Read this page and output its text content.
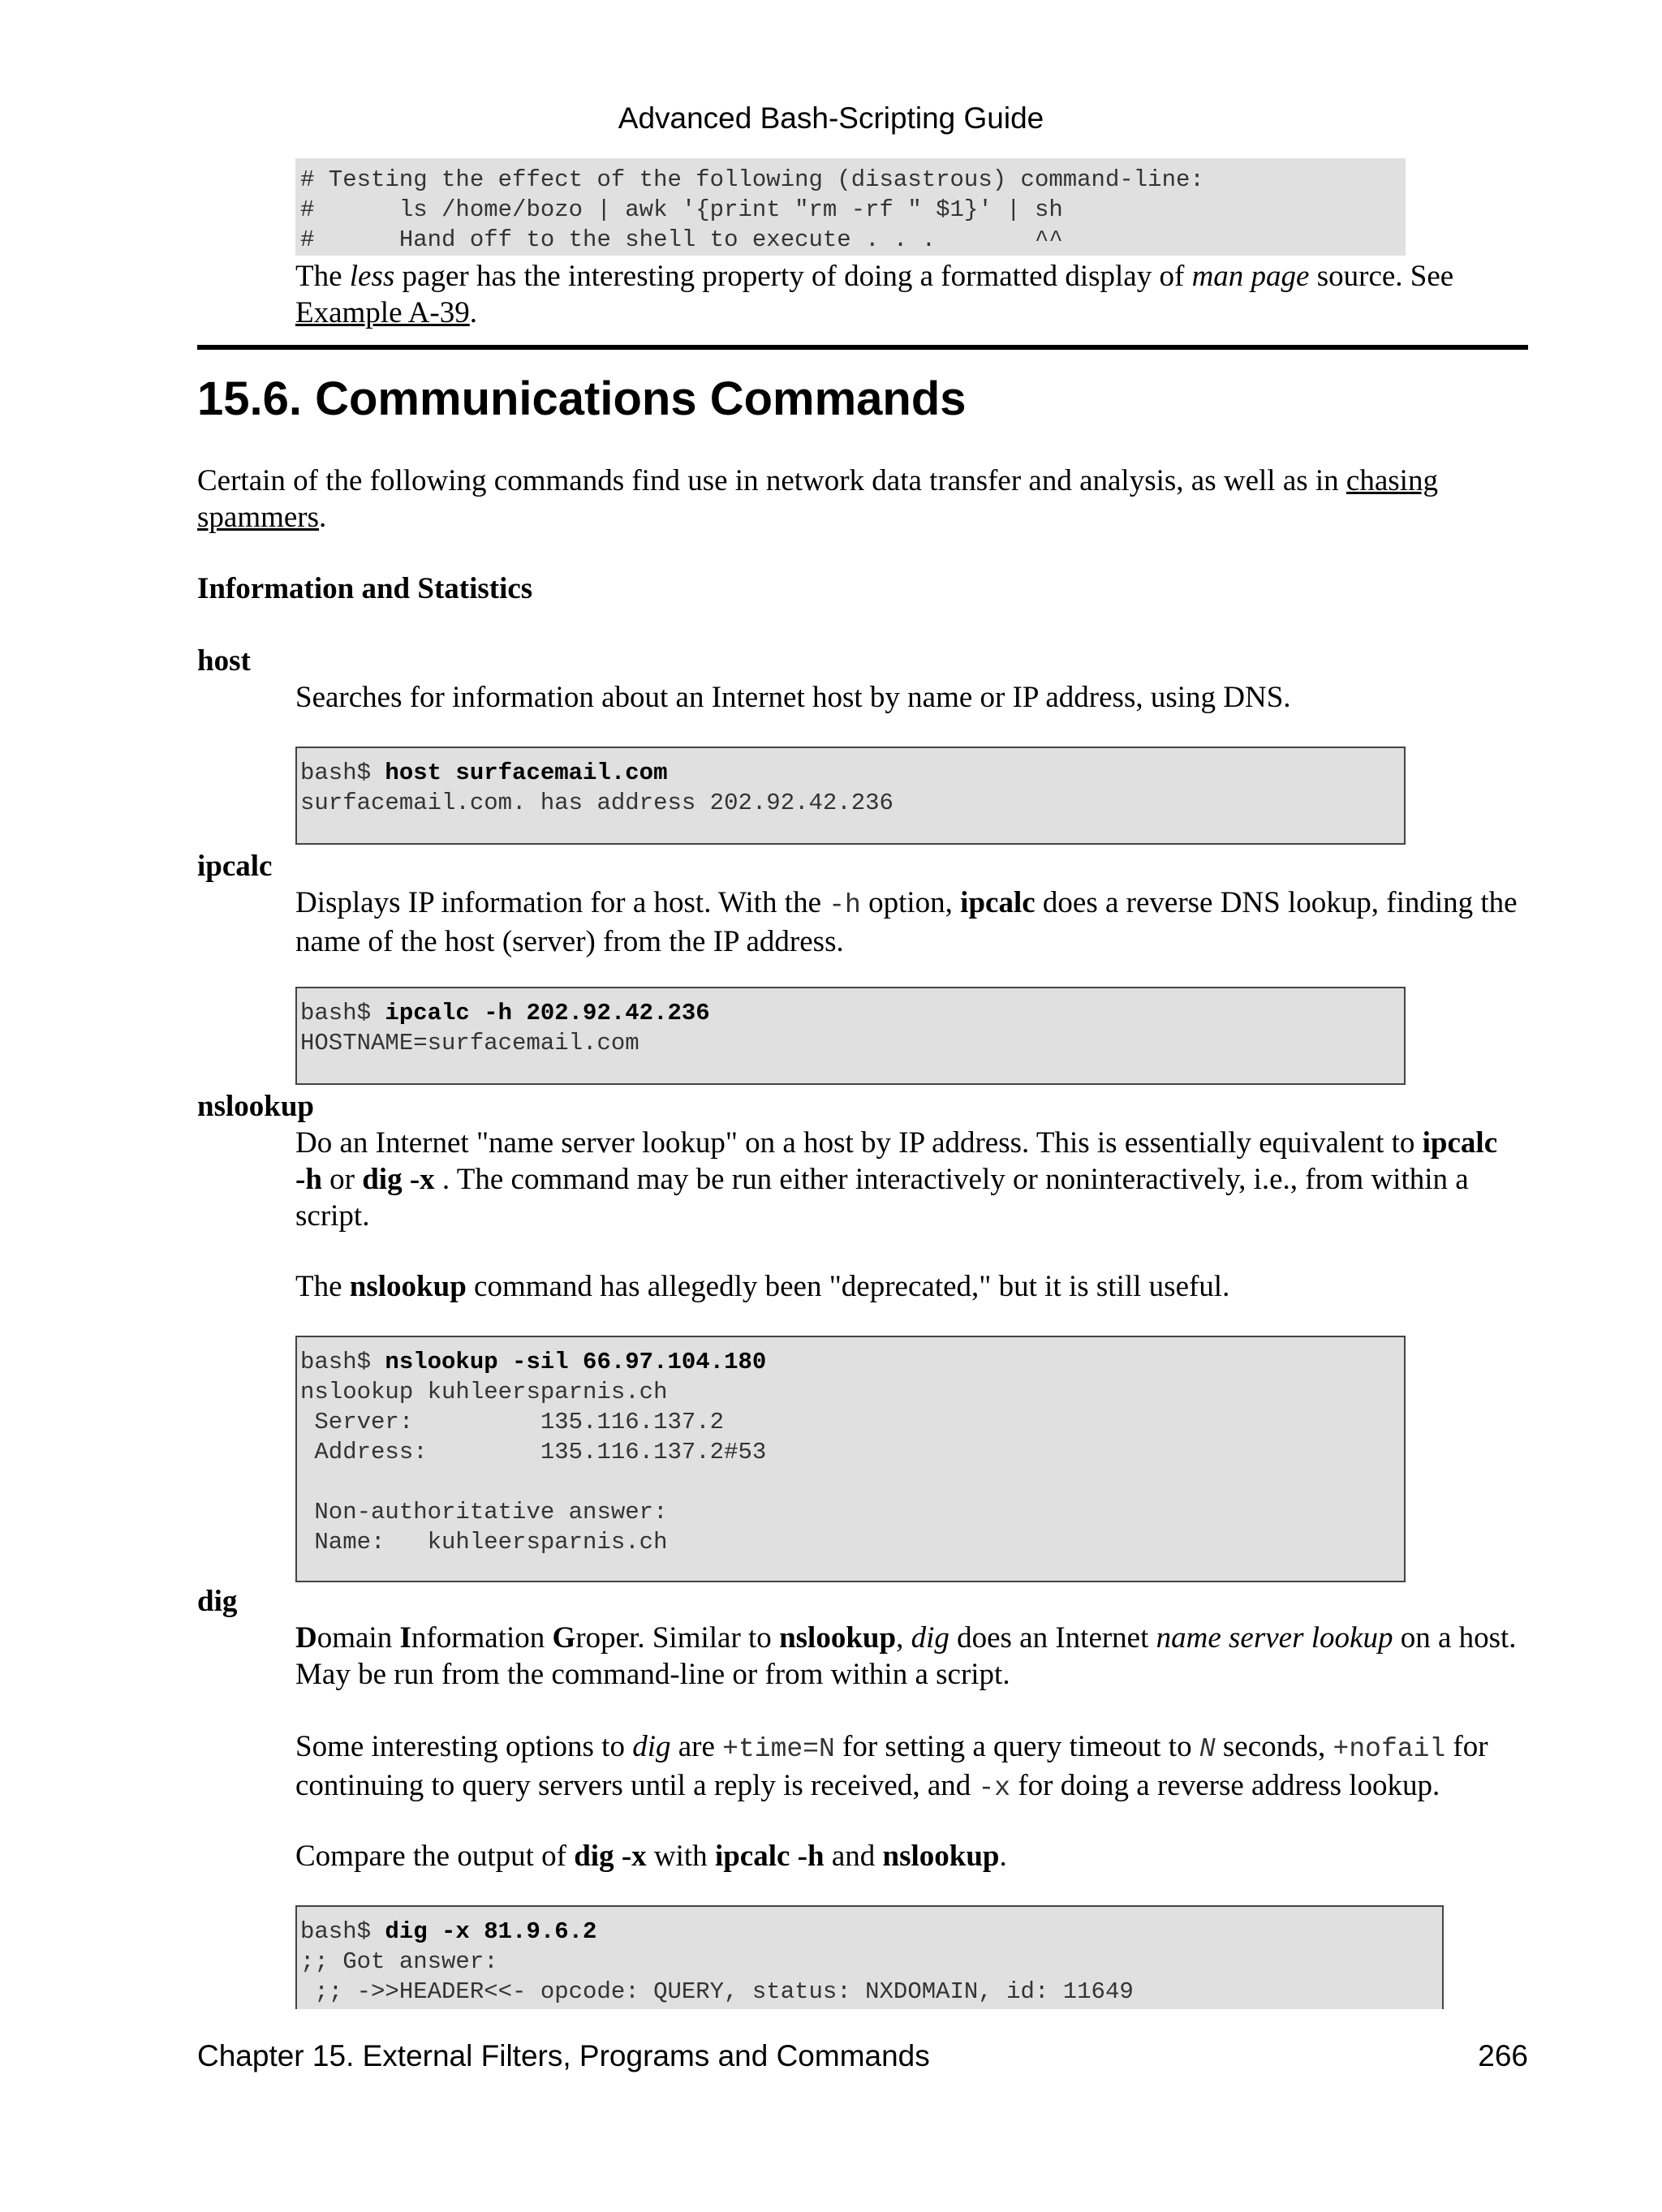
Advanced Bash-Scripting Guide
# Testing the effect of the following (disastrous) command-line:
#      ls /home/bozo | awk '{print "rm -rf " $1}' | sh
#      Hand off to the shell to execute . . .       ^^
The less pager has the interesting property of doing a formatted display of man page source. See
Example A-39.
15.6. Communications Commands
Certain of the following commands find use in network data transfer and analysis, as well as in chasing
spammers.
Information and Statistics
host
Searches for information about an Internet host by name or IP address, using DNS.
bash$ host surfacemail.com
surfacemail.com. has address 202.92.42.236
ipcalc
Displays IP information for a host. With the -h option, ipcalc does a reverse DNS lookup, finding the
name of the host (server) from the IP address.
bash$ ipcalc -h 202.92.42.236
HOSTNAME=surfacemail.com
nslookup
Do an Internet "name server lookup" on a host by IP address. This is essentially equivalent to ipcalc
-h or dig -x . The command may be run either interactively or noninteractively, i.e., from within a
script.
The nslookup command has allegedly been "deprecated," but it is still useful.
bash$ nslookup -sil 66.97.104.180
nslookup kuhleersparnis.ch
Server:         135.116.137.2
Address:        135.116.137.2#53

Non-authoritative answer:
Name:   kuhleersparnis.ch
dig
Domain Information Groper. Similar to nslookup, dig does an Internet name server lookup on a host.
May be run from the command-line or from within a script.
Some interesting options to dig are +time=N for setting a query timeout to N seconds, +nofail for
continuing to query servers until a reply is received, and -x for doing a reverse address lookup.
Compare the output of dig -x with ipcalc -h and nslookup.
bash$ dig -x 81.9.6.2
;; Got answer:
;; ->>HEADER<<- opcode: QUERY, status: NXDOMAIN, id: 11649
Chapter 15. External Filters, Programs and Commands	266
